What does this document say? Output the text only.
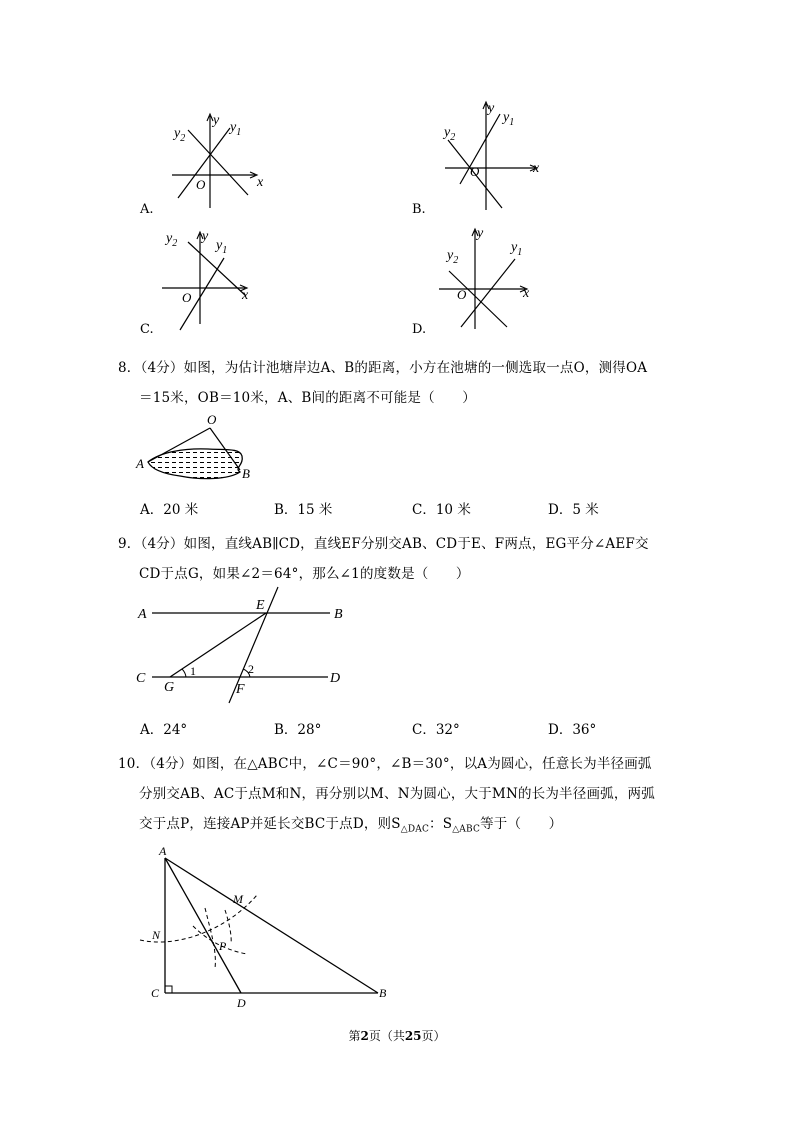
x
y
O
$y_2$
$y_1$
A.
x
y
O
$y_2$
$y_1$
B.
x
y
O
$y_2$	$y_1$
C.
x
y
O
$y_2$
$y_1$
D.
8．（4分）如图，为估计池塘岸边A、B的距离，小方在池塘的一侧选取一点O，测得OA
＝15米，OB＝10米，A、B间的距离不可能是（　　）
O
A
B
A．20 米	B．15 米	C．10 米	D．5 米
9．（4分）如图，直线AB∥CD，直线EF分别交AB、CD于E、F两点，EG平分∠AEF交
CD于点G，如果∠2＝64°，那么∠1的度数是（　　）
A	B
C	D
E
F
G
1	2
A．24°	B．28°	C．32°	D．36°
10．（4分）如图，在△ABC中，∠C＝90°，∠B＝30°，以A为圆心，任意长为半径画弧
分别交AB、AC于点M和N，再分别以M、N为圆心，大于MN的长为半径画弧，两弧
交于点P，连接AP并延长交BC于点D，则$S_{\triangle DAC}$：$S_{\triangle ABC}$等于（　　）
A
B
C
D
M
N
P
第2页（共25页）
